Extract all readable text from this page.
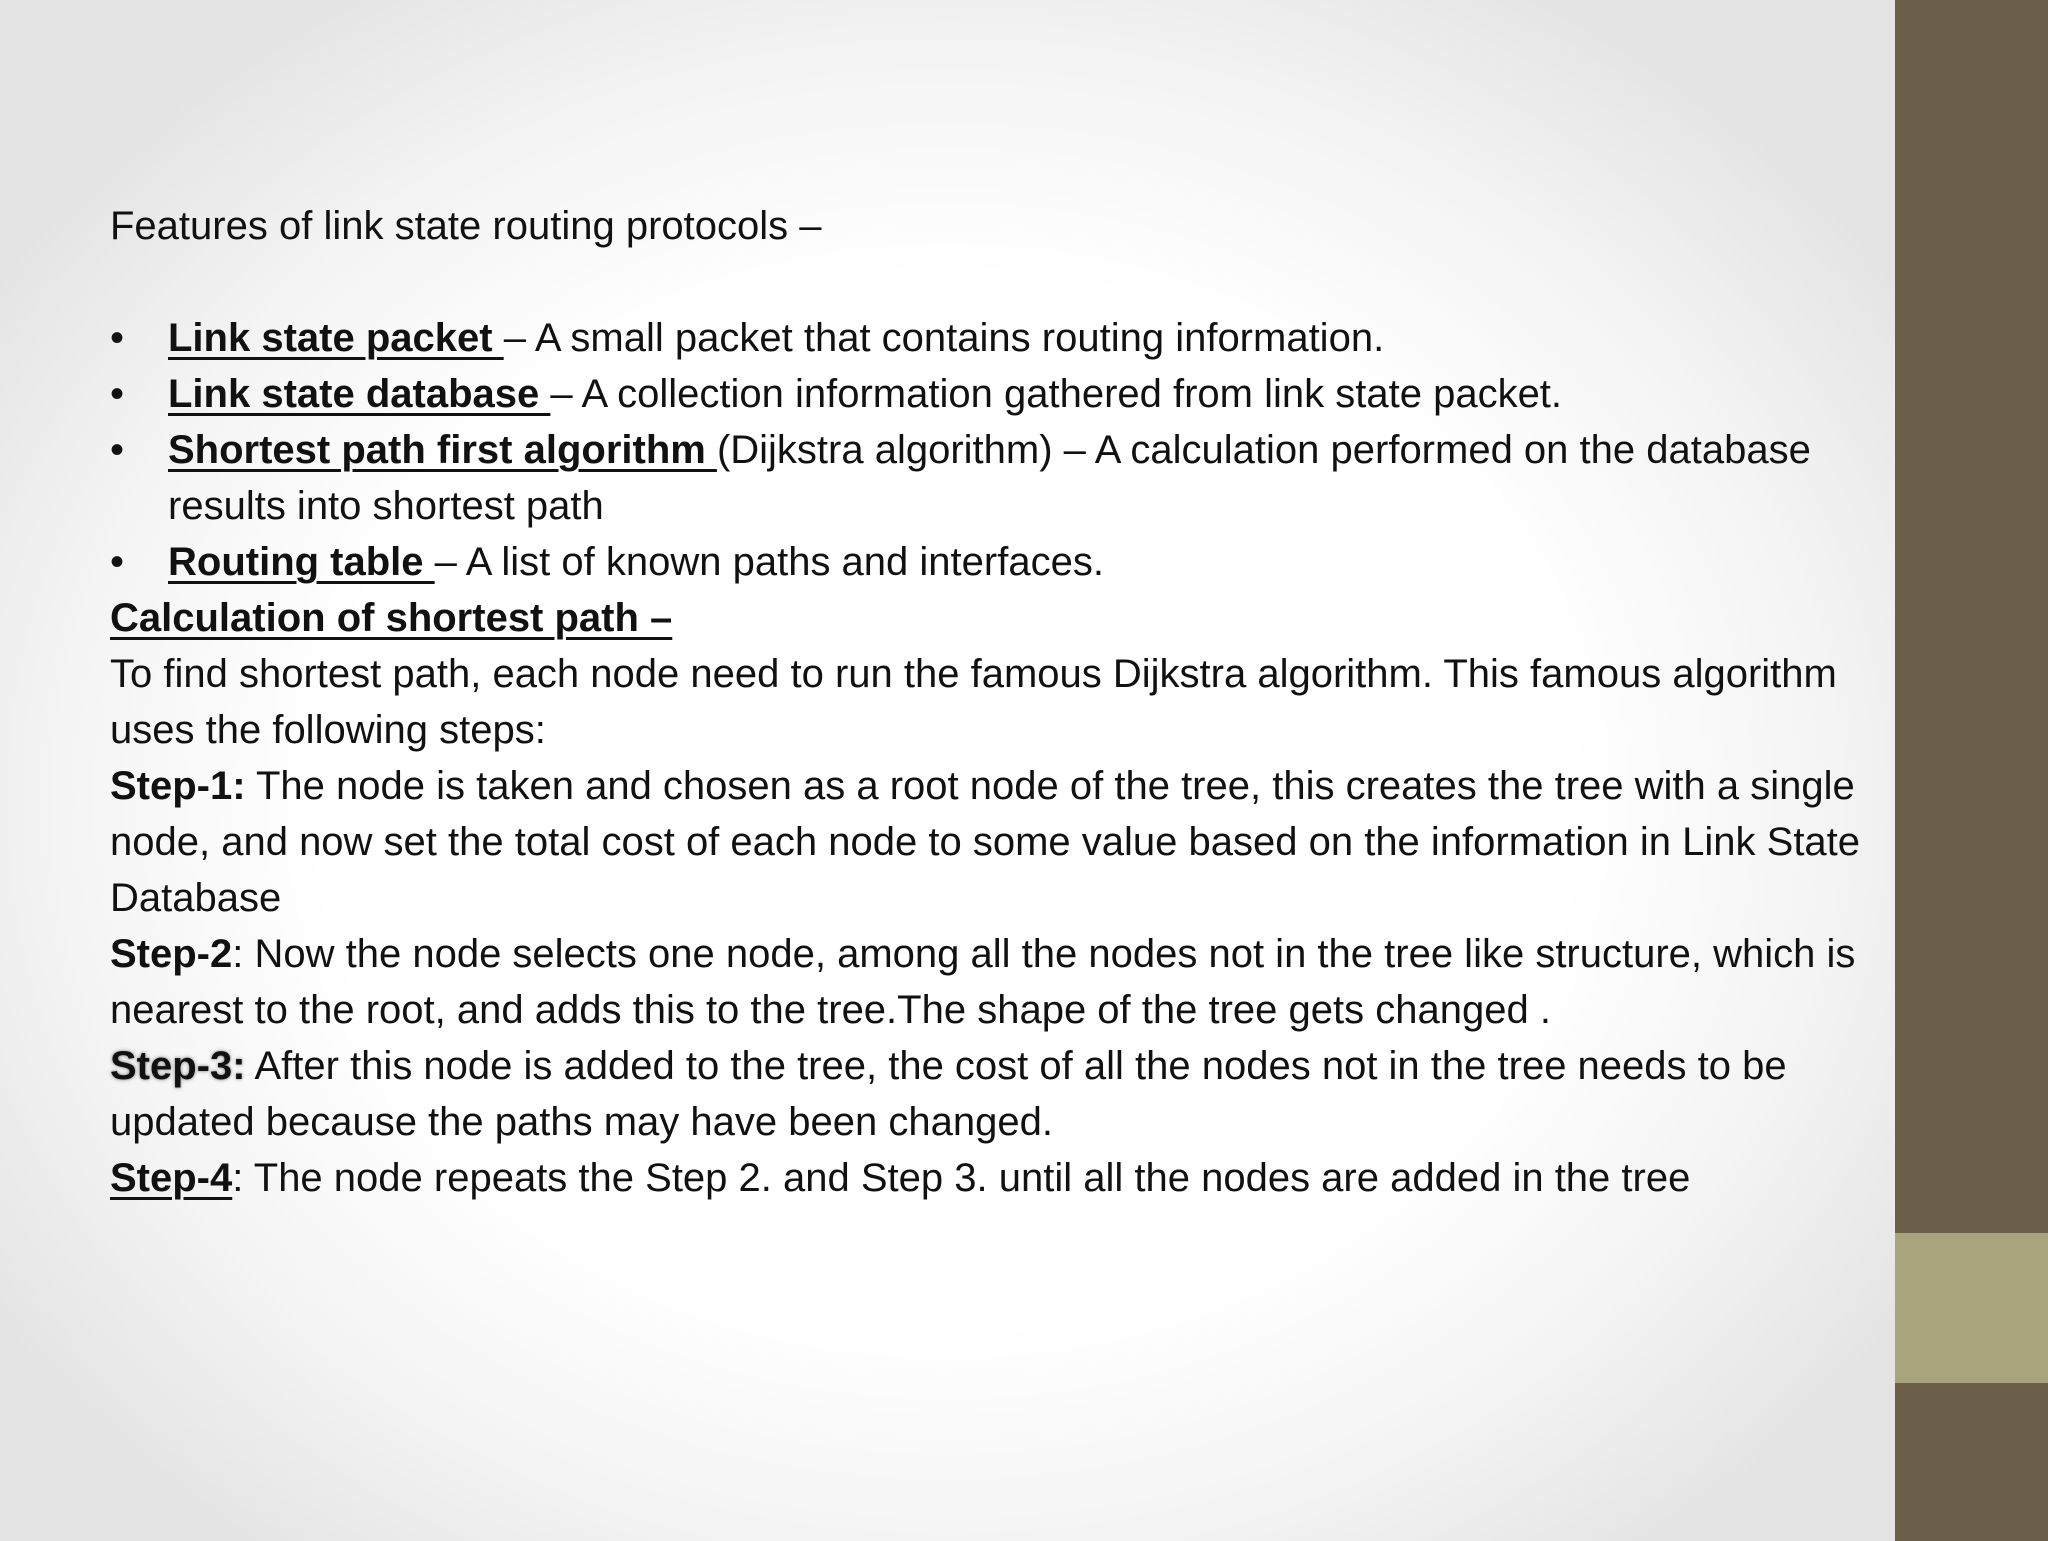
Features of link state routing protocols –

•	Link state packet – A small packet that contains routing information.
•	Link state database – A collection information gathered from link state packet.
•	Shortest path first algorithm (Dijkstra algorithm) – A calculation performed on the database results into shortest path
•	Routing table – A list of known paths and interfaces.

Calculation of shortest path –

To find shortest path, each node need to run the famous Dijkstra algorithm. This famous algorithm uses the following steps:

Step-1: The node is taken and chosen as a root node of the tree, this creates the tree with a single node, and now set the total cost of each node to some value based on the information in Link State Database

Step-2: Now the node selects one node, among all the nodes not in the tree like structure, which is nearest to the root, and adds this to the tree.The shape of the tree gets changed .

Step-3: After this node is added to the tree, the cost of all the nodes not in the tree needs to be updated because the paths may have been changed.

Step-4: The node repeats the Step 2. and Step 3. until all the nodes are added in the tree
